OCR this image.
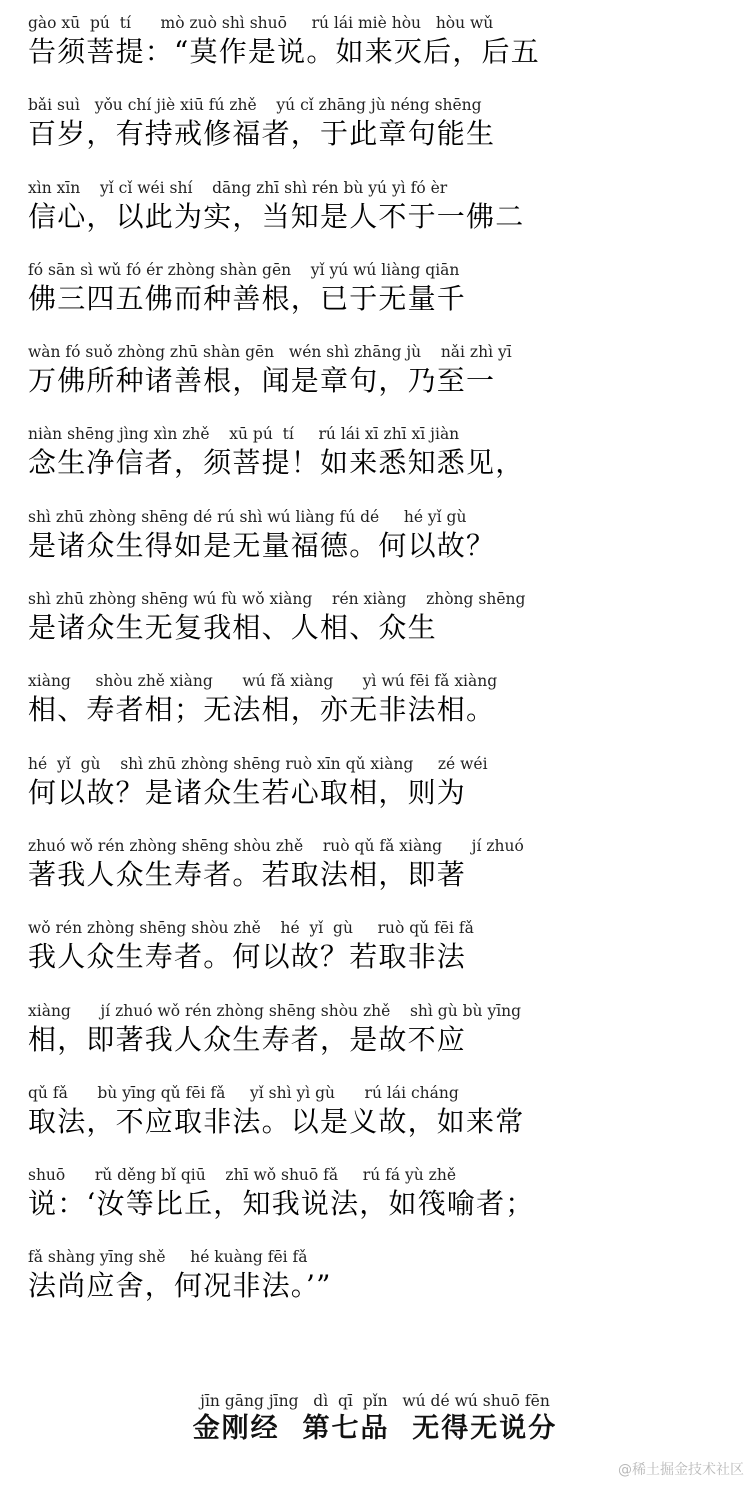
gào xū  pú  tí      mò zuò shì shuō     rú lái miè hòu   hòu wǔ
告须菩提：“莫作是说。如来灭后，后五
bǎi suì   yǒu chí jiè xiū fú zhě    yú cǐ zhāng jù néng shēng
百岁，有持戒修福者，于此章句能生
xìn xīn    yǐ cǐ wéi shí    dāng zhī shì rén bù yú yì fó èr
信心，以此为实，当知是人不于一佛二
fó sān sì wǔ fó ér zhòng shàn gēn    yǐ yú wú liàng qiān
佛三四五佛而种善根，已于无量千
wàn fó suǒ zhòng zhū shàn gēn   wén shì zhāng jù    nǎi zhì yī
万佛所种诸善根，闻是章句，乃至一
niàn shēng jìng xìn zhě    xū pú  tí     rú lái xī zhī xī jiàn
念生净信者，须菩提！如来悉知悉见，
shì zhū zhòng shēng dé rú shì wú liàng fú dé     hé yǐ gù
是诸众生得如是无量福德。何以故？
shì zhū zhòng shēng wú fù wǒ xiàng    rén xiàng    zhòng shēng
是诸众生无复我相、人相、众生
xiàng     shòu zhě xiàng      wú fǎ xiàng      yì wú fēi fǎ xiàng
相、寿者相；无法相，亦无非法相。
hé  yǐ  gù    shì zhū zhòng shēng ruò xīn qǔ xiàng     zé wéi
何以故？是诸众生若心取相，则为
zhuó wǒ rén zhòng shēng shòu zhě    ruò qǔ fǎ xiàng      jí zhuó
著我人众生寿者。若取法相，即著
wǒ rén zhòng shēng shòu zhě    hé  yǐ  gù     ruò qǔ fēi fǎ
我人众生寿者。何以故？若取非法
xiàng      jí zhuó wǒ rén zhòng shēng shòu zhě    shì gù bù yīng
相，即著我人众生寿者，是故不应
qǔ fǎ      bù yīng qǔ fēi fǎ     yǐ shì yì gù      rú lái cháng
取法，不应取非法。以是义故，如来常
shuō      rǔ děng bǐ qiū    zhī wǒ shuō fǎ     rú fá yù zhě
说：‘汝等比丘，知我说法，如筏喻者；
fǎ shàng yīng shě     hé kuàng fēi fǎ
法尚应舍，何况非法。’”
jīn gāng jīng   dì  qī  pǐn   wú dé wú shuō fēn
金刚经  第七品  无得无说分
@稀土掘金技术社区
